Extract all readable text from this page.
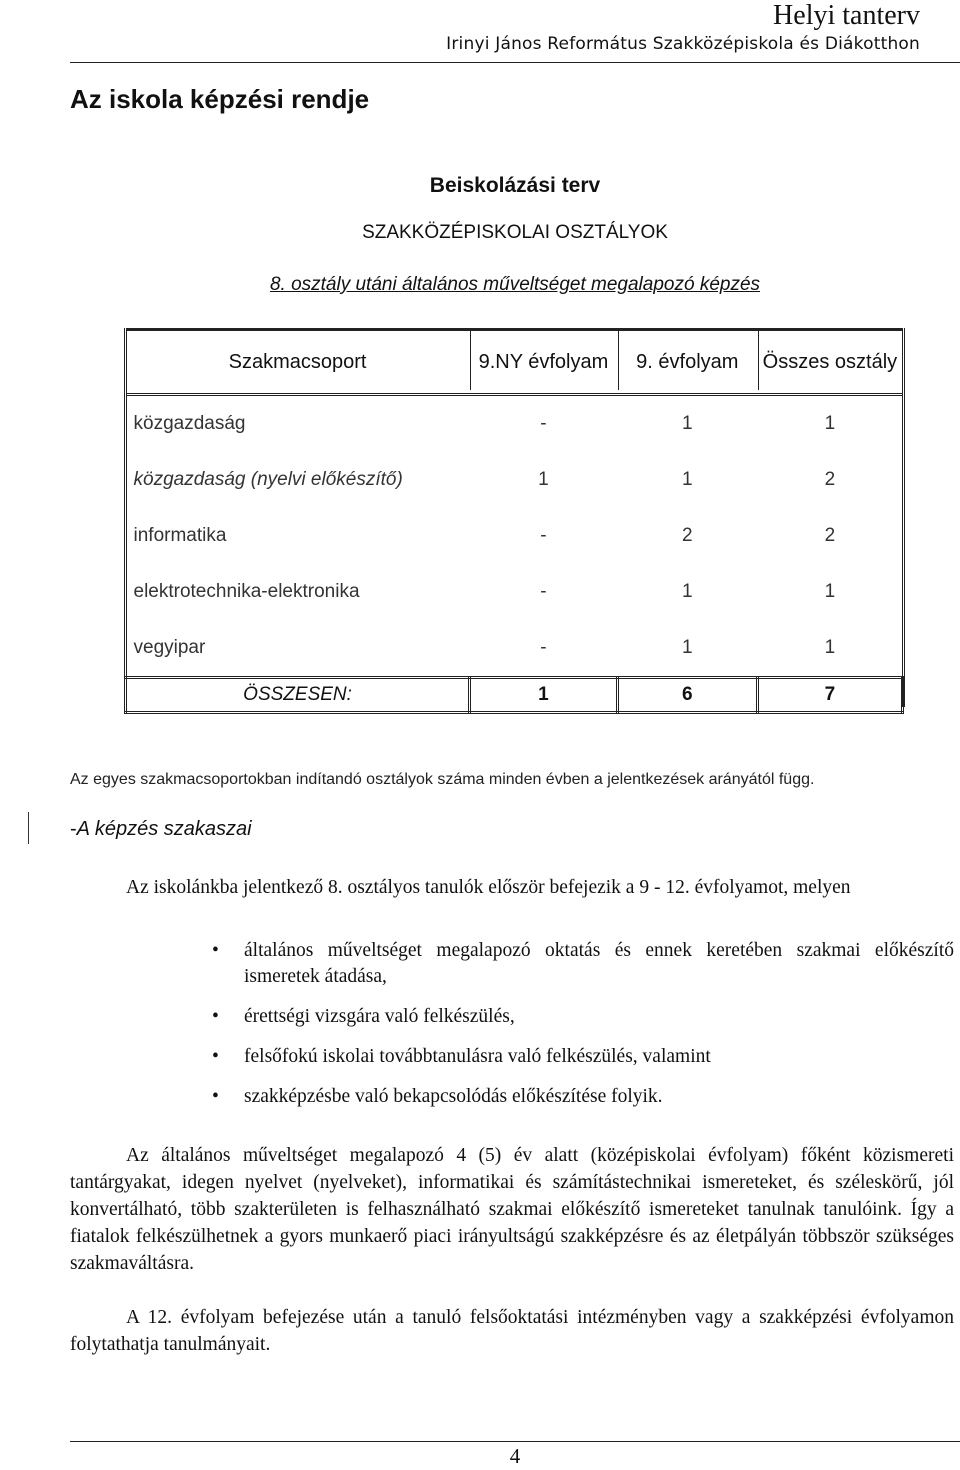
Helyi tanterv
Irinyi János Református Szakközépiskola és Diákotthon
Az iskola képzési rendje
Beiskolázási terv
SZAKKÖZÉPISKOLAI OSZTÁLYOK
8. osztály utáni általános műveltséget megalapozó képzés
Szakmacsoport	9.NY évfolyam	9. évfolyam	Összes osztály
közgazdaság	-	1	1
közgazdaság (nyelvi előkészítő)	1	1	2
informatika	-	2	2
elektrotechnika-elektronika	-	1	1
vegyipar	-	1	1
ÖSSZESEN:	1	6	7
Az egyes szakmacsoportokban indítandó osztályok száma minden évben a jelentkezések arányától függ.
-A képzés szakaszai
Az iskolánkba jelentkező 8. osztályos tanulók először befejezik a 9 - 12. évfolyamot, melyen
• általános műveltséget megalapozó oktatás és ennek keretében szakmai előkészítő ismeretek átadása,
• érettségi vizsgára való felkészülés,
• felsőfokú iskolai továbbtanulásra való felkészülés, valamint
• szakképzésbe való bekapcsolódás előkészítése folyik.
Az általános műveltséget megalapozó 4 (5) év alatt (középiskolai évfolyam) főként közismereti tantárgyakat, idegen nyelvet (nyelveket), informatikai és számítástechnikai ismereteket, és széleskörű, jól konvertálható, több szakterületen is felhasználható szakmai előkészítő ismereteket tanulnak tanulóink. Így a fiatalok felkészülhetnek a gyors munkaerő piaci irányultságú szakképzésre és az életpályán többször szükséges szakmaváltásra.
A 12. évfolyam befejezése után a tanuló felsőoktatási intézményben vagy a szakképzési évfolyamon folytathatja tanulmányait.
4
